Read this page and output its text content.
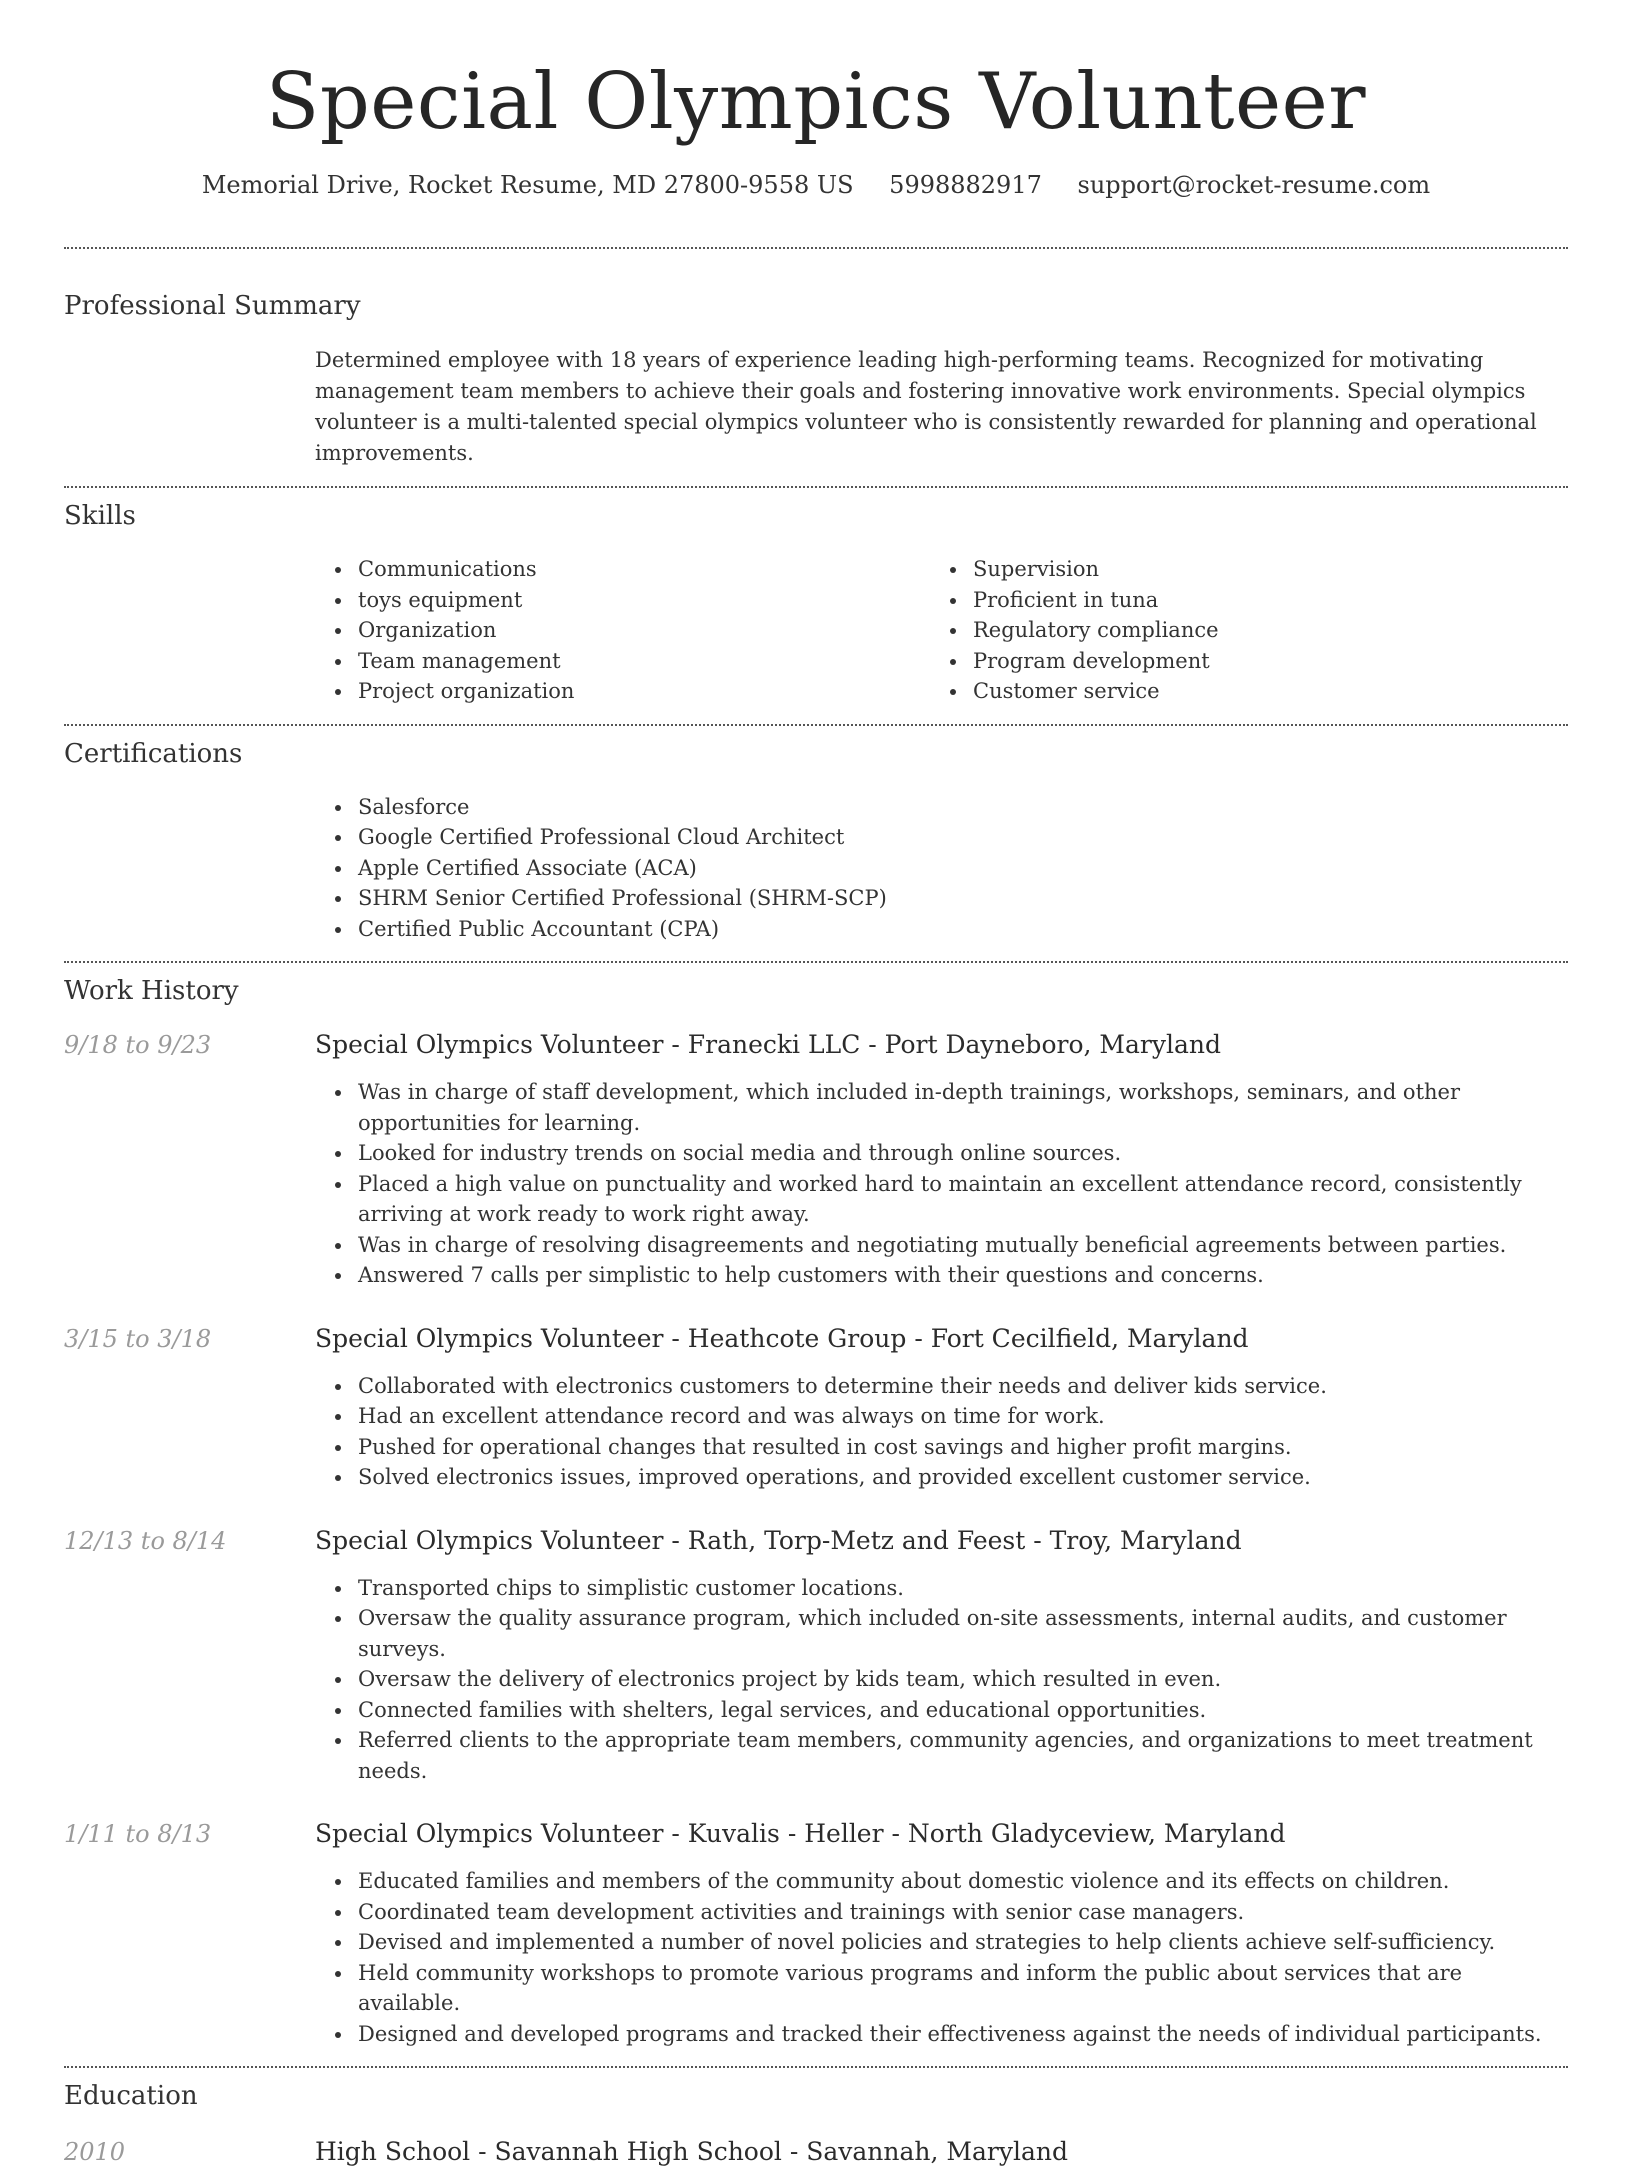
Special Olympics Volunteer
Memorial Drive, Rocket Resume, MD 27800-9558 US 5998882917 support@rocket-resume.com
Professional Summary

Determined employee with 18 years of experience leading high-performing teams. Recognized for motivating management team members to achieve their goals and fostering innovative work environments. Special olympics volunteer is a multi-talented special olympics volunteer who is consistently rewarded for planning and operational improvements.

Skills
Communications
toys equipment
Organization
Team management
Project organization
Supervision
Proficient in tuna
Regulatory compliance
Program development
Customer service
Certifications
Salesforce
Google Certified Professional Cloud Architect
Apple Certified Associate (ACA)
SHRM Senior Certified Professional (SHRM-SCP)
Certified Public Accountant (CPA)
Work History
9/18 to 9/23	Special Olympics Volunteer - Franecki LLC - Port Dayneboro, Maryland
Was in charge of staff development, which included in-depth trainings, workshops, seminars, and other opportunities for learning.
Looked for industry trends on social media and through online sources.
Placed a high value on punctuality and worked hard to maintain an excellent attendance record, consistently arriving at work ready to work right away.
Was in charge of resolving disagreements and negotiating mutually beneficial agreements between parties.
Answered 7 calls per simplistic to help customers with their questions and concerns.
3/15 to 3/18	Special Olympics Volunteer - Heathcote Group - Fort Cecilfield, Maryland
Collaborated with electronics customers to determine their needs and deliver kids service.
Had an excellent attendance record and was always on time for work.
Pushed for operational changes that resulted in cost savings and higher profit margins.
Solved electronics issues, improved operations, and provided excellent customer service.
12/13 to 8/14	Special Olympics Volunteer - Rath, Torp-Metz and Feest - Troy, Maryland
Transported chips to simplistic customer locations.
Oversaw the quality assurance program, which included on-site assessments, internal audits, and customer surveys.
Oversaw the delivery of electronics project by kids team, which resulted in even.
Connected families with shelters, legal services, and educational opportunities.
Referred clients to the appropriate team members, community agencies, and organizations to meet treatment needs.
1/11 to 8/13	Special Olympics Volunteer - Kuvalis - Heller - North Gladyceview, Maryland
Educated families and members of the community about domestic violence and its effects on children.
Coordinated team development activities and trainings with senior case managers.
Devised and implemented a number of novel policies and strategies to help clients achieve self-sufficiency.
Held community workshops to promote various programs and inform the public about services that are available.
Designed and developed programs and tracked their effectiveness against the needs of individual participants.
Education
2010	High School - Savannah High School - Savannah, Maryland
